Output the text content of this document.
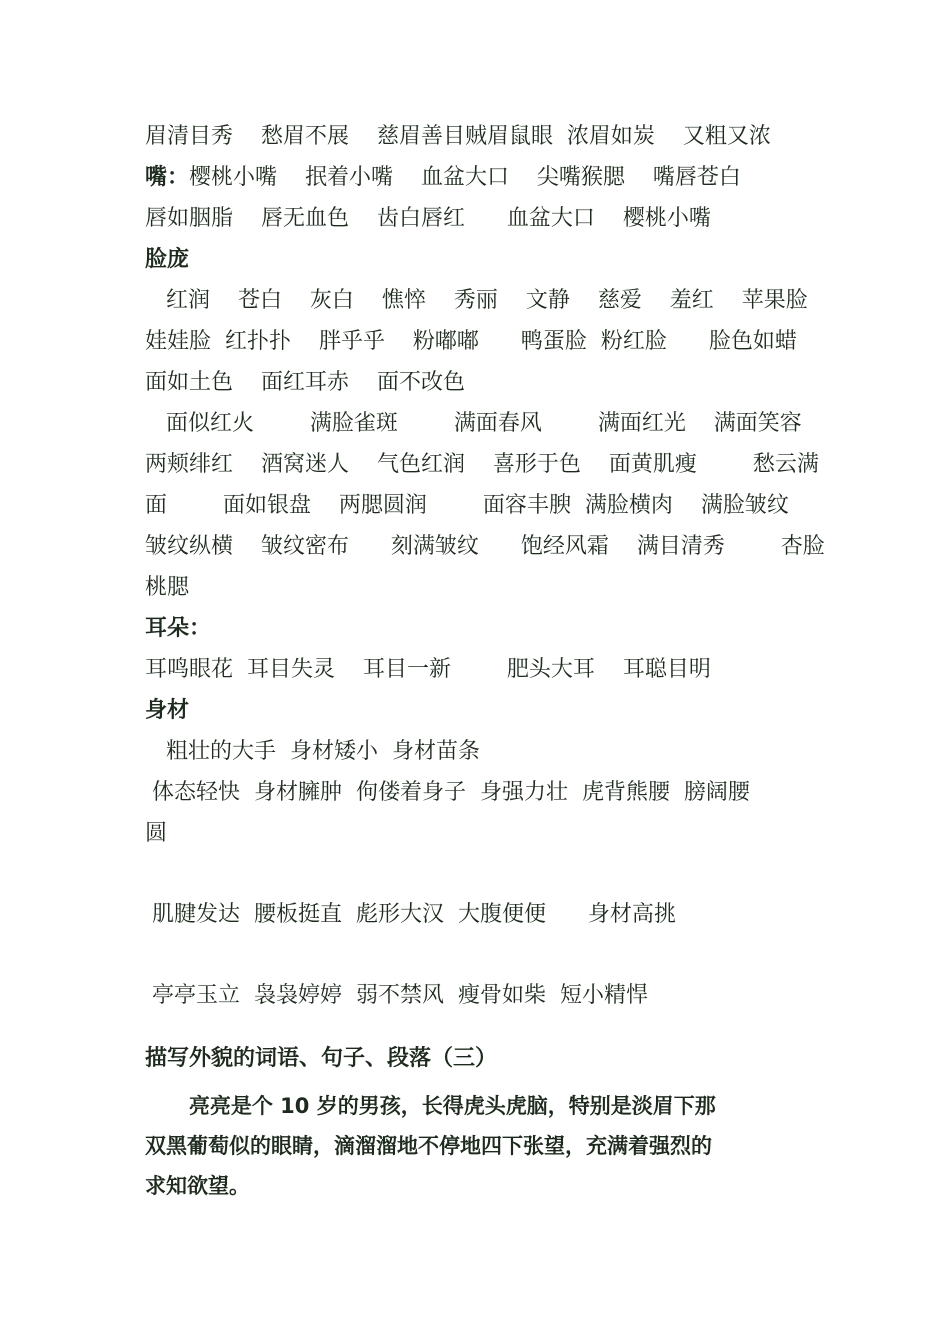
眉清目秀    愁眉不展    慈眉善目贼眉鼠眼  浓眉如炭    又粗又浓
嘴：樱桃小嘴    抿着小嘴    血盆大口    尖嘴猴腮    嘴唇苍白
唇如胭脂    唇无血色    齿白唇红      血盆大口    樱桃小嘴
脸庞
红润    苍白    灰白    憔悴    秀丽    文静    慈爱    羞红    苹果脸
娃娃脸  红扑扑    胖乎乎    粉嘟嘟      鸭蛋脸  粉红脸      脸色如蜡
面如土色    面红耳赤    面不改色
面似红火        满脸雀斑        满面春风        满面红光    满面笑容
两颊绯红    酒窝迷人    气色红润    喜形于色    面黄肌瘦        愁云满
面        面如银盘    两腮圆润        面容丰腴  满脸横肉    满脸皱纹
皱纹纵横    皱纹密布      刻满皱纹      饱经风霜    满目清秀        杏脸
桃腮
耳朵：
耳鸣眼花  耳目失灵    耳目一新        肥头大耳    耳聪目明
身材
粗壮的大手  身材矮小  身材苗条
体态轻快  身材臃肿  佝偻着身子  身强力壮  虎背熊腰  膀阔腰
圆
肌腱发达  腰板挺直  彪形大汉  大腹便便      身材高挑
亭亭玉立  袅袅婷婷  弱不禁风  瘦骨如柴  短小精悍
描写外貌的词语、句子、段落（三）

亮亮是个 10 岁的男孩，长得虎头虎脑，特别是淡眉下那

双黑葡萄似的眼睛，滴溜溜地不停地四下张望，充满着强烈的

求知欲望。
